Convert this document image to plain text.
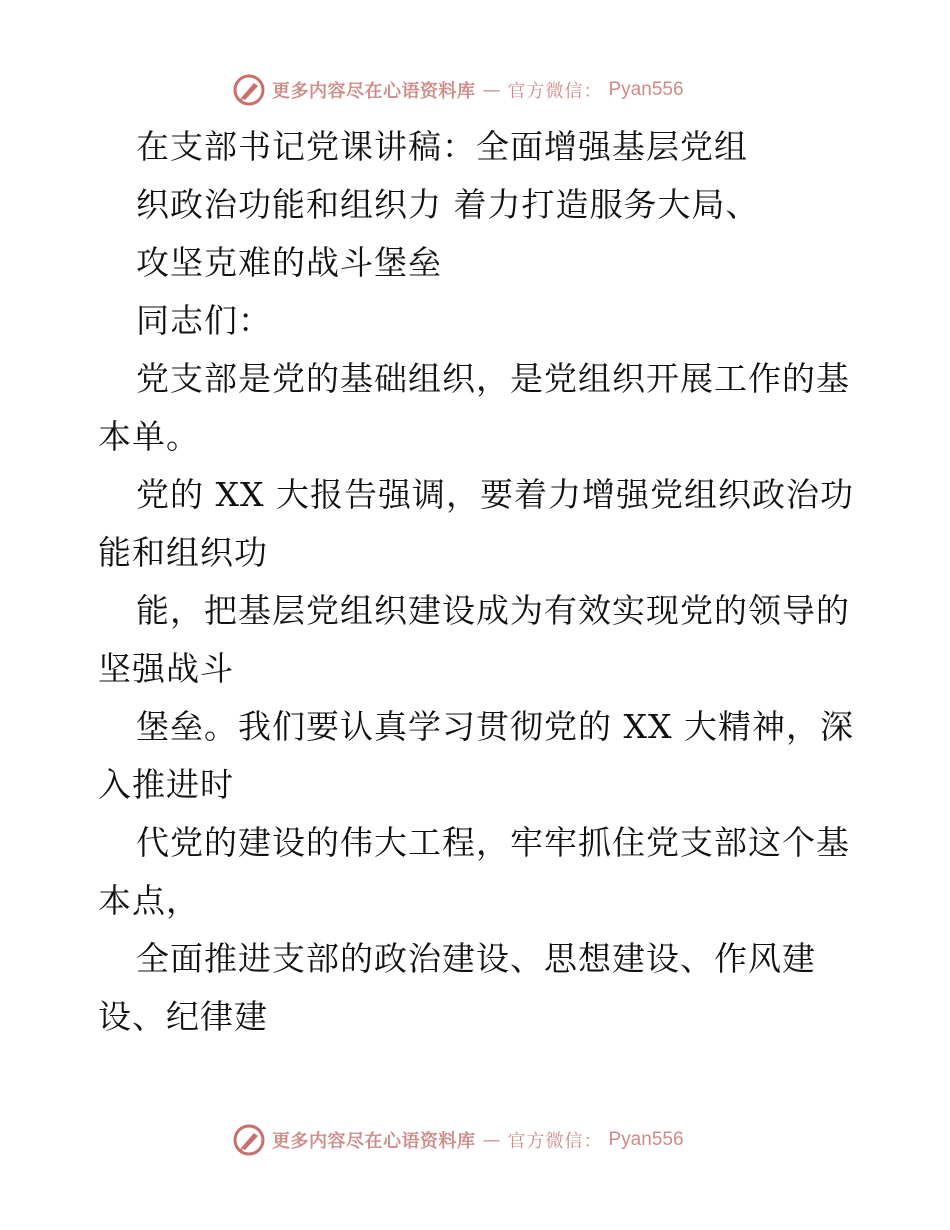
更多内容尽在心语资料库 — 官方微信： Pyan556
在支部书记党课讲稿：全面增强基层党组
织政治功能和组织力 着力打造服务大局、
攻坚克难的战斗堡垒
同志们：
党支部是党的基础组织，是党组织开展工作的基
本单。
党的 XX 大报告强调，要着力增强党组织政治功
能和组织功
能，把基层党组织建设成为有效实现党的领导的
坚强战斗
堡垒。我们要认真学习贯彻党的 XX 大精神，深
入推进时
代党的建设的伟大工程，牢牢抓住党支部这个基
本点，
全面推进支部的政治建设、思想建设、作风建
设、纪律建
更多内容尽在心语资料库 — 官方微信： Pyan556
